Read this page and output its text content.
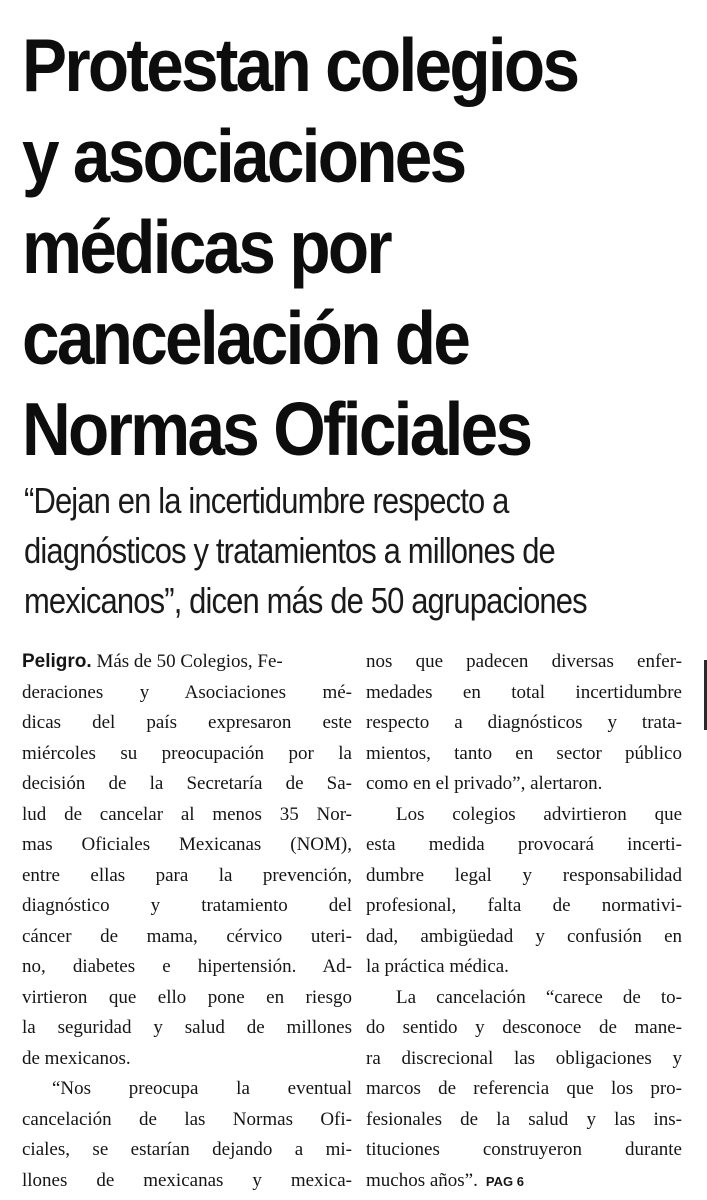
Protestan colegios
y asociaciones
médicas por
cancelación de
Normas Oficiales
“Dejan en la incertidumbre respecto a
diagnósticos y tratamientos a millones de
mexicanos”, dicen más de 50 agrupaciones
Peligro. Más de 50 Colegios, Fe-
deraciones y Asociaciones mé-
dicas del país expresaron este
miércoles su preocupación por la
decisión de la Secretaría de Sa-
lud de cancelar al menos 35 Nor-
mas Oficiales Mexicanas (NOM),
entre ellas para la prevención,
diagnóstico y tratamiento del
cáncer de mama, cérvico uteri-
no, diabetes e hipertensión. Ad-
virtieron que ello pone en riesgo
la seguridad y salud de millones
de mexicanos.
“Nos preocupa la eventual
cancelación de las Normas Ofi-
ciales, se estarían dejando a mi-
llones de mexicanas y mexica-
nos que padecen diversas enfer-
medades en total incertidumbre
respecto a diagnósticos y trata-
mientos, tanto en sector público
como en el privado”, alertaron.
Los colegios advirtieron que
esta medida provocará incerti-
dumbre legal y responsabilidad
profesional, falta de normativi-
dad, ambigüedad y confusión en
la práctica médica.
La cancelación “carece de to-
do sentido y desconoce de mane-
ra discrecional las obligaciones y
marcos de referencia que los pro-
fesionales de la salud y las ins-
tituciones construyeron durante
muchos años”. PAG 6
